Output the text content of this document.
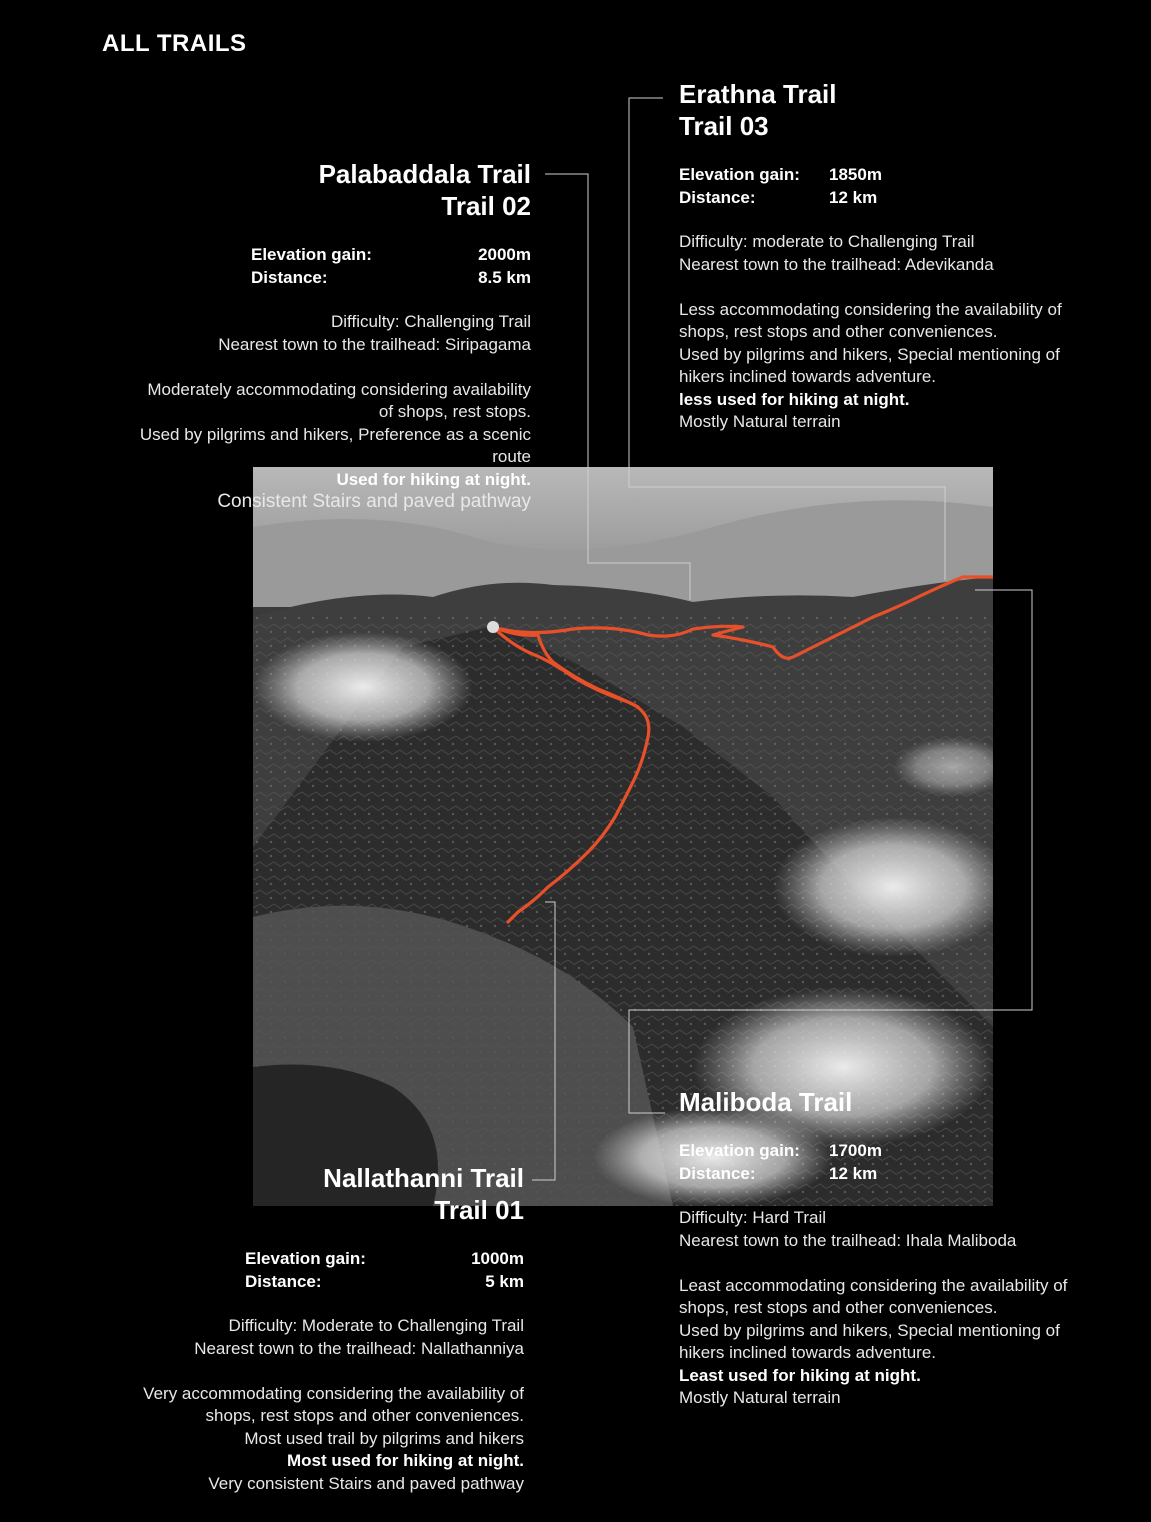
ALL TRAILS
Palabaddala Trail
Trail 02
Elevation gain:	2000m
Distance:	8.5 km
Difficulty: Challenging Trail
Nearest town to the trailhead: Siripagama
Moderately accommodating considering availability
of shops, rest stops.
Used by pilgrims and hikers, Preference as a scenic
route
Used for hiking at night.
Consistent Stairs and paved pathway
Erathna Trail
Trail 03
Elevation gain:	1850m
Distance:	12 km
Difficulty: moderate to Challenging Trail
Nearest town to the trailhead: Adevikanda
Less accommodating considering the availability of
shops, rest stops and other conveniences.
Used by pilgrims and hikers, Special mentioning of
hikers inclined towards adventure.
less used for hiking at night.
Mostly Natural terrain
Maliboda Trail
Elevation gain:	1700m
Distance:	12 km
Difficulty: Hard Trail
Nearest town to the trailhead: Ihala Maliboda
Least accommodating considering the availability of
shops, rest stops and other conveniences.
Used by pilgrims and hikers, Special mentioning of
hikers inclined towards adventure.
Least used for hiking at night.
Mostly Natural terrain
Nallathanni Trail
Trail 01
Elevation gain:	1000m
Distance:	5 km
Difficulty: Moderate to Challenging Trail
Nearest town to the trailhead: Nallathanniya
Very accommodating considering the availability of
shops, rest stops and other conveniences.
Most used trail by pilgrims and hikers
Most used for hiking at night.
Very consistent Stairs and paved pathway
